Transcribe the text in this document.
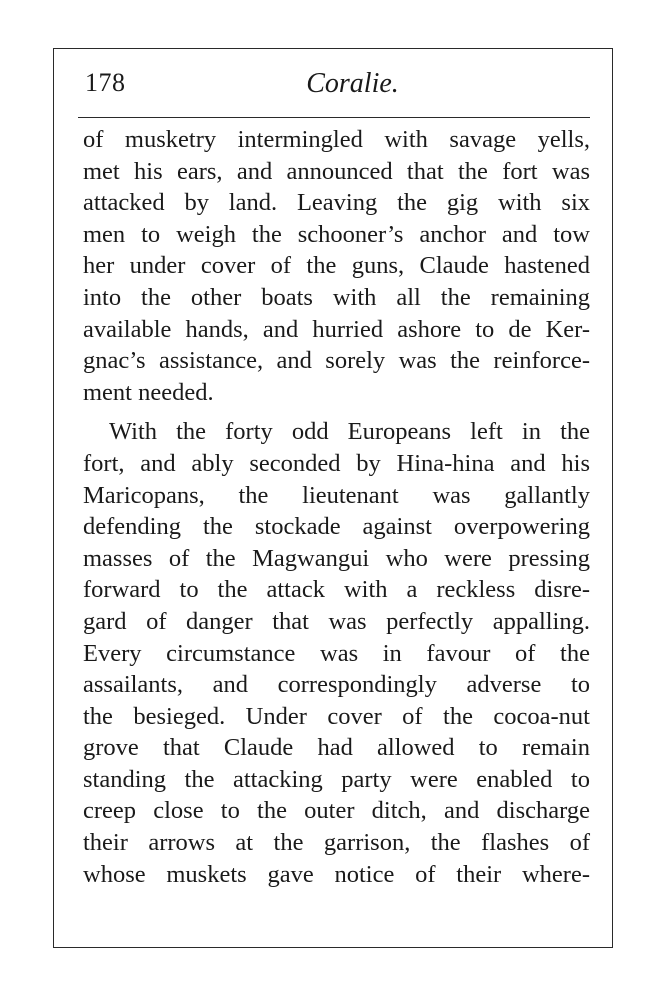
178	Coralie.
of musketry intermingled with savage yells,
met his ears, and announced that the fort was
attacked by land. Leaving the gig with six
men to weigh the schooner’s anchor and tow
her under cover of the guns, Claude hastened
into the other boats with all the remaining
available hands, and hurried ashore to de Ker-
gnac’s assistance, and sorely was the reinforce-
ment needed.
With the forty odd Europeans left in the
fort, and ably seconded by Hina-hina and his
Maricopans, the lieutenant was gallantly
defending the stockade against overpowering
masses of the Magwangui who were pressing
forward to the attack with a reckless disre-
gard of danger that was perfectly appalling.
Every circumstance was in favour of the
assailants, and correspondingly adverse to
the besieged. Under cover of the cocoa-nut
grove that Claude had allowed to remain
standing the attacking party were enabled to
creep close to the outer ditch, and discharge
their arrows at the garrison, the flashes of
whose muskets gave notice of their where-
